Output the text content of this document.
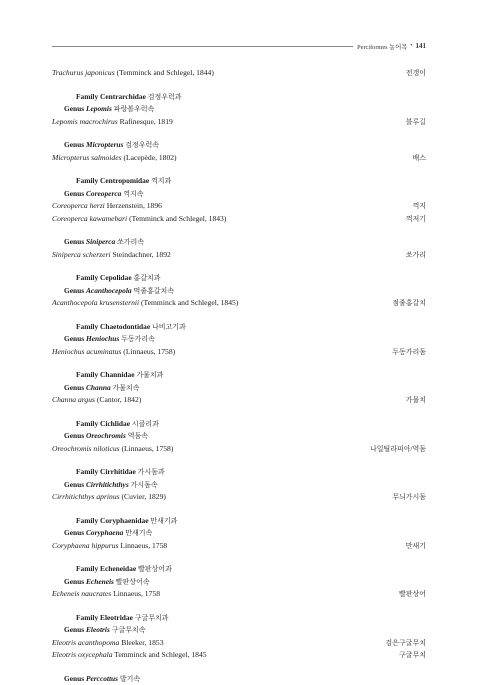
Perciformes 농어목 • 141
Trachurus japonicus (Temminck and Schlegel, 1844)	전갱이
Family Centrarchidae 검정우럭과
Genus Lepomis 파랑볼우럭속
Lepomis macrochirus Rafinesque, 1819	블루길
Genus Micropterus 검정우럭속
Micropterus salmoides (Lacepède, 1802)	배스
Family Centropomidae 꺽지과
Genus Coreoperca 꺽지속
Coreoperca herzi Herzenstein, 1896	꺽지
Coreoperca kawamebari (Temminck and Schlegel, 1843)	꺽저기
Genus Siniperca 쏘가리속
Siniperca scherzeri Steindachner, 1892	쏘가리
Family Cepolidae 홍갈치과
Genus Acanthocepola 먹줄홍갈치속
Acanthocepola krusensternii (Temminck and Schlegel, 1845)	점줄홍갈치
Family Chaetodontidae 나비고기과
Genus Heniochus 두동가리속
Heniochus acuminatus (Linnaeus, 1758)	두동가리돔
Family Channidae 가물치과
Genus Channa 가물치속
Channa argus (Cantor, 1842)	가물치
Family Cichlidae 시클리과
Genus Oreochromis 역돔속
Oreochromis niloticus (Linnaeus, 1758)	나일틸라피아/역돔
Family Cirrhitidae 가시돔과
Genus Cirrhitichthys 가시돔속
Cirrhitichthys aprinus (Cuvier, 1829)	무늬가시돔
Family Coryphaenidae 만새기과
Genus Coryphaena 만새기속
Coryphaena hippurus Linnaeus, 1758	만새기
Family Echeneidae 빨판상어과
Genus Echeneis 빨판상어속
Echeneis naucrates Linnaeus, 1758	빨판상어
Family Eleotridae 구굴무치과
Genus Eleotris 구굴무치속
Eleotris acanthopoma Bleeker, 1853	검은구굴무치
Eleotris oxycephala Temminck and Schlegel, 1845	구굴무치
Genus Perccottus 발기속
